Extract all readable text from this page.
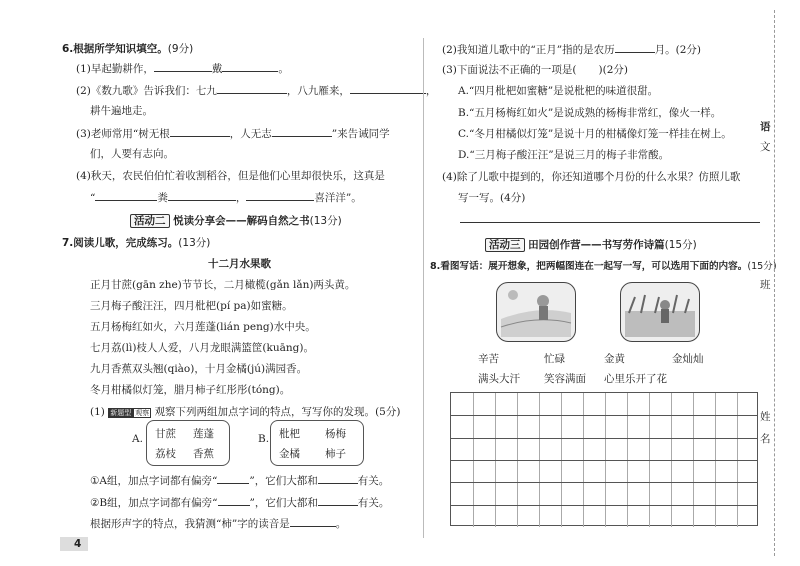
6.根据所学知识填空。(9分)
(1)早起勤耕作，	戴	。
(2)《数九歌》告诉我们：七九	，八九雁来，	，
耕牛遍地走。
(3)老师常用“树无根	，人无志	”来告诫同学
们，人要有志向。
(4)秋天，农民伯伯忙着收割稻谷，但是他们心里却很快乐，这真是
“	粪	，	喜洋洋”。
活动二 悦读分享会——解码自然之书(13分)
7.阅读儿歌，完成练习。(13分)
十二月水果歌
正月甘蔗(gān zhe)节节长，二月橄榄(gǎn lǎn)两头黄。
三月梅子酸汪汪，四月枇杷(pí pa)如蜜糖。
五月杨梅红如火，六月莲蓬(lián peng)水中央。
七月荔(lì)枝人人爱，八月龙眼满篮筐(kuāng)。
九月香蕉双头翘(qiào)，十月金橘(jú)满园香。
冬月柑橘似灯笼，腊月柿子红彤彤(tóng)。
(1) 新题型 观察 观察下列两组加点字词的特点，写写你的发现。(5分)
A. 甘蔗 莲蓬
荔枝 香蕉
B. 枇杷 杨梅
金橘 柿子
①A组，加点字词都有偏旁“	”，它们大都和	有关。
②B组，加点字词都有偏旁“	”，它们大都和	有关。
根据形声字的特点，我猜测“柿”字的读音是	。
4
(2)我知道儿歌中的“正月”指的是农历	月。(2分)
(3)下面说法不正确的一项是( )(2分)
A.“四月枇杷如蜜糖”是说枇杷的味道很甜。
B.“五月杨梅红如火”是说成熟的杨梅非常红，像火一样。
C.“冬月柑橘似灯笼”是说十月的柑橘像灯笼一样挂在树上。
D.“三月梅子酸汪汪”是说三月的梅子非常酸。
(4)除了儿歌中提到的，你还知道哪个月份的什么水果？仿照儿歌
写一写。(4分)
活动三 田园创作营——书写劳作诗篇(15分)
8.看图写话：展开想象，把两幅图连在一起写一写，可以选用下面的内容。(15分)
辛苦	忙碌	金黄	金灿灿
满头大汗 笑容满面 心里乐开了花
语
文
班
姓
名
